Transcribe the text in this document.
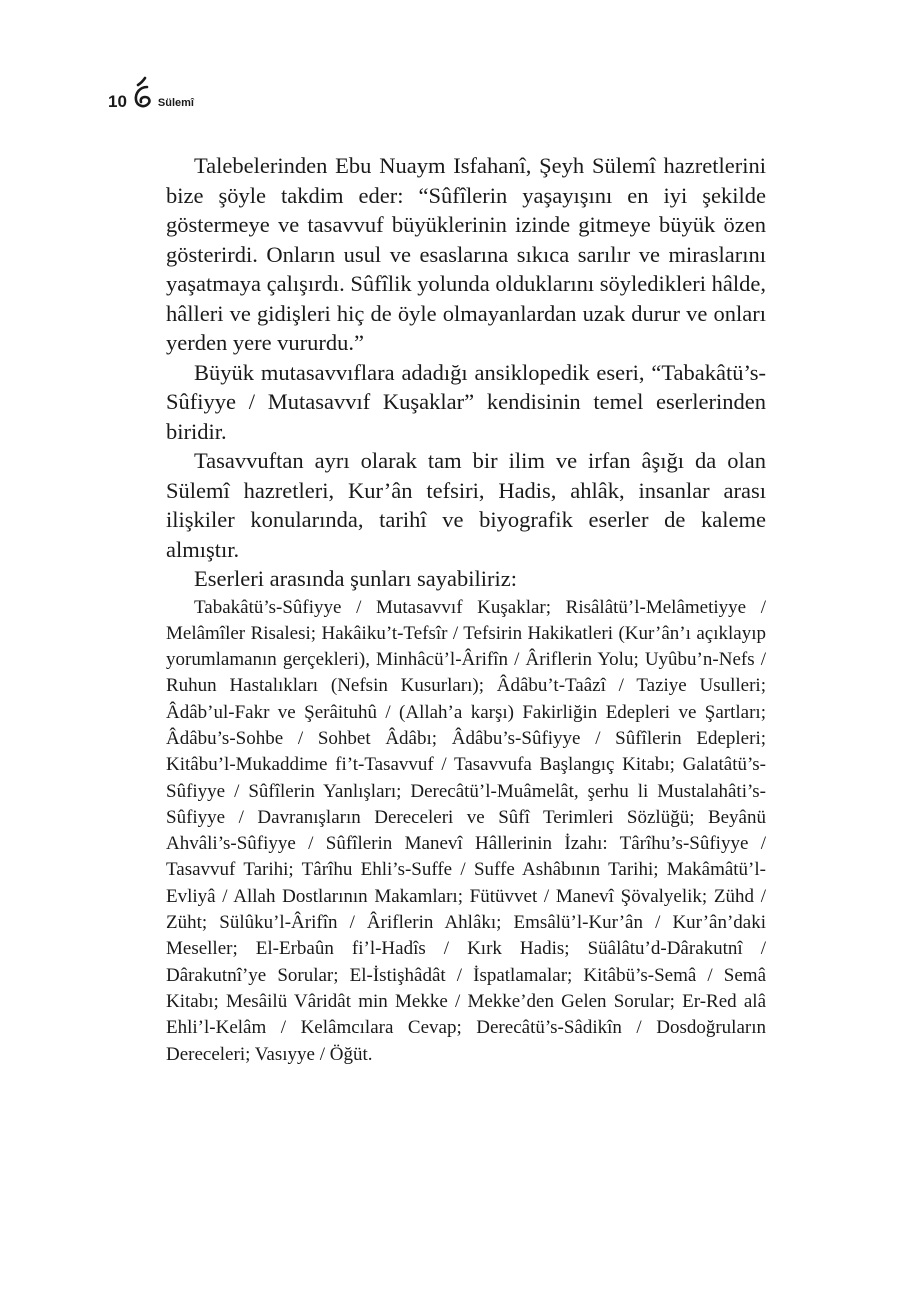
10	Sülemî

Talebelerinden Ebu Nuaym Isfahanî, Şeyh Sülemî hazretlerini bize şöyle takdim eder: “Sûfîlerin yaşayışını en iyi şekilde göstermeye ve tasavvuf büyüklerinin izinde gitmeye büyük özen gösterirdi. Onların usul ve esaslarına sıkıca sarılır ve miraslarını yaşatmaya çalışırdı. Sûfîlik yolunda olduklarını söyledikleri hâlde, hâlleri ve gidişleri hiç de öyle olmayanlardan uzak durur ve onları yerden yere vururdu.”

Büyük mutasavvıflara adadığı ansiklopedik eseri, “Tabakâtü’s-Sûfiyye / Mutasavvıf Kuşaklar” kendisinin temel eserlerinden biridir.

Tasavvuftan ayrı olarak tam bir ilim ve irfan âşığı da olan Sülemî hazretleri, Kur’ân tefsiri, Hadis, ahlâk, insanlar arası ilişkiler konularında, tarihî ve biyografik eserler de kaleme almıştır.

Eserleri arasında şunları sayabiliriz:

Tabakâtü’s-Sûfiyye / Mutasavvıf Kuşaklar; Risâlâtü’l-Melâmetiyye / Melâmîler Risalesi; Hakâiku’t-Tefsîr / Tefsirin Hakikatleri (Kur’ân’ı açıklayıp yorumlamanın gerçekleri), Minhâcü’l-Ârifîn / Âriflerin Yolu; Uyûbu’n-Nefs / Ruhun Hastalıkları (Nefsin Kusurları); Âdâbu’t-Taâzî / Taziye Usulleri; Âdâb’ul-Fakr ve Şerâituhû / (Allah’a karşı) Fakirliğin Edepleri ve Şartları; Âdâbu’s-Sohbe / Sohbet Âdâbı; Âdâbu’s-Sûfiyye / Sûfîlerin Edepleri; Kitâbu’l-Mukaddime fi’t-Tasavvuf / Tasavvufa Başlangıç Kitabı; Galatâtü’s-Sûfiyye / Sûfîlerin Yanlışları; Derecâtü’l-Muâmelât, şerhu li Mustalahâti’s-Sûfiyye / Davranışların Dereceleri ve Sûfî Terimleri Sözlüğü; Beyânü Ahvâli’s-Sûfiyye / Sûfîlerin Manevî Hâllerinin İzahı: Târîhu’s-Sûfiyye / Tasavvuf Tarihi; Târîhu Ehli’s-Suffe / Suffe Ashâbının Tarihi; Makâmâtü’l-Evliyâ / Allah Dostlarının Makamları; Fütüvvet / Manevî Şövalyelik; Zühd / Züht; Sülûku’l-Ârifîn / Âriflerin Ahlâkı; Emsâlü’l-Kur’ân / Kur’ân’daki Meseller; El-Erbaûn fi’l-Hadîs / Kırk Hadis; Süâlâtu’d-Dârakutnî / Dârakutnî’ye Sorular; El-İstişhâdât / İspatlamalar; Kitâbü’s-Semâ / Semâ Kitabı; Mesâilü Vâridât min Mekke / Mekke’den Gelen Sorular; Er-Red alâ Ehli’l-Kelâm / Kelâmcılara Cevap; Derecâtü’s-Sâdikîn / Dosdoğruların Dereceleri; Vasıyye / Öğüt.
